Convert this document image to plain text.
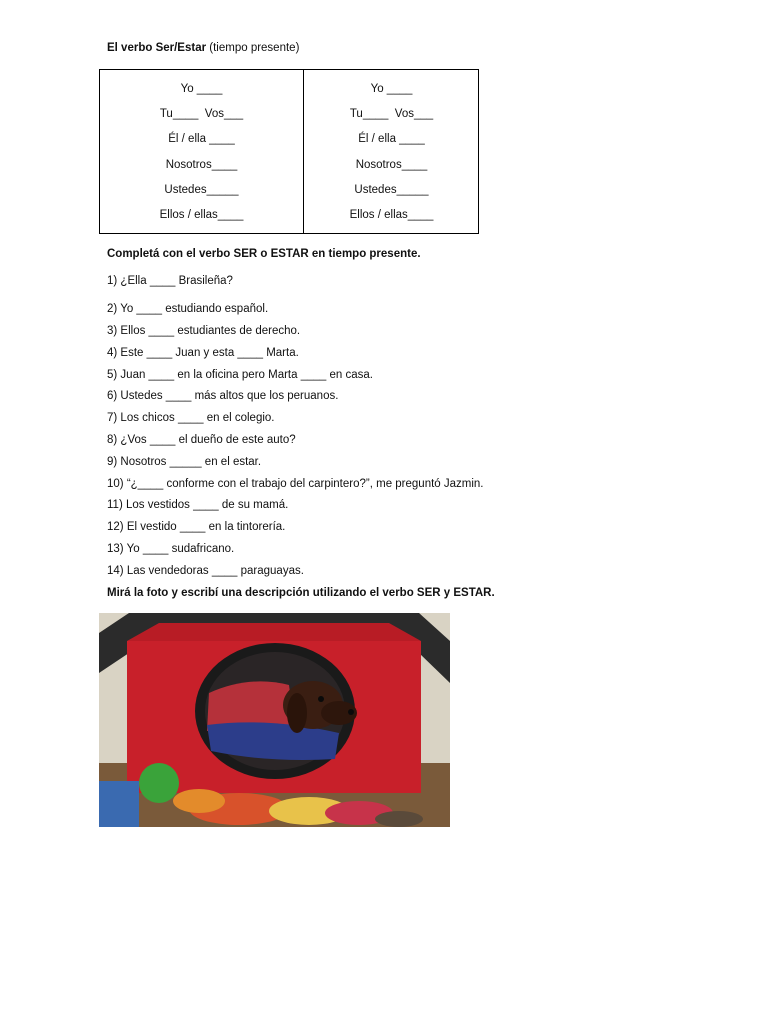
El verbo Ser/Estar (tiempo presente)
Yo ____
Tu____  Vos___
Él / ella ____
Nosotros____
Ustedes_____
Ellos / ellas____
Yo ____
Tu____  Vos___
Él / ella ____
Nosotros____
Ustedes_____
Ellos / ellas____
Completá con el verbo SER o ESTAR en tiempo presente.
1) ¿Ella ____ Brasileña?
2) Yo ____ estudiando español.
3) Ellos ____ estudiantes de derecho.
4) Este ____ Juan y esta ____ Marta.
5) Juan ____ en la oficina pero Marta ____ en casa.
6) Ustedes ____ más altos que los peruanos.
7) Los chicos ____ en el colegio.
8) ¿Vos ____ el dueño de este auto?
9) Nosotros _____ en el estar.
10) “¿____ conforme con el trabajo del carpintero?”, me preguntó Jazmin.
11) Los vestidos ____ de su mamá.
12) El vestido ____ en la tintorería.
13) Yo ____ sudafricano.
14) Las vendedoras ____ paraguayas.
Mirá la foto y escribí una descripción utilizando el verbo SER y ESTAR.
